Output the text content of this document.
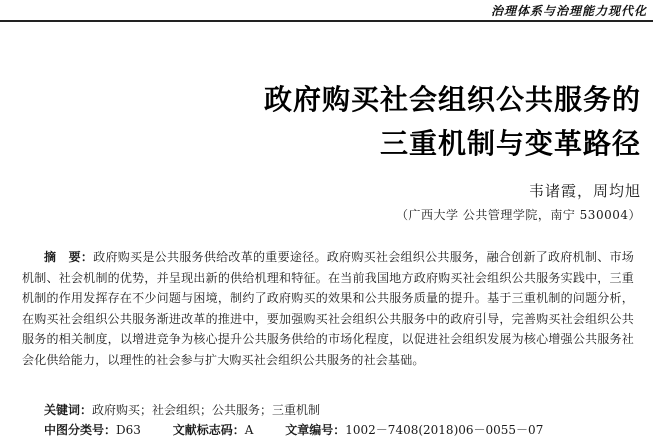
治理体系与治理能力现代化
政府购买社会组织公共服务的
三重机制与变革路径
韦诸霞，周均旭
（广西大学 公共管理学院，南宁 530004）
摘　要：政府购买是公共服务供给改革的重要途径。政府购买社会组织公共服务，融合创新了政府机制、市场机制、社会机制的优势，并呈现出新的供给机理和特征。在当前我国地方政府购买社会组织公共服务实践中，三重机制的作用发挥存在不少问题与困境，制约了政府购买的效果和公共服务质量的提升。基于三重机制的问题分析，在购买社会组织公共服务渐进改革的推进中，要加强购买社会组织公共服务中的政府引导，完善购买社会组织公共服务的相关制度，以增进竞争为核心提升公共服务供给的市场化程度，以促进社会组织发展为核心增强公共服务社会化供给能力，以理性的社会参与扩大购买社会组织公共服务的社会基础。
关键词：政府购买；社会组织；公共服务；三重机制
中图分类号：D63	文献标志码：A	文章编号：1002－7408(2018)06－0055－07
